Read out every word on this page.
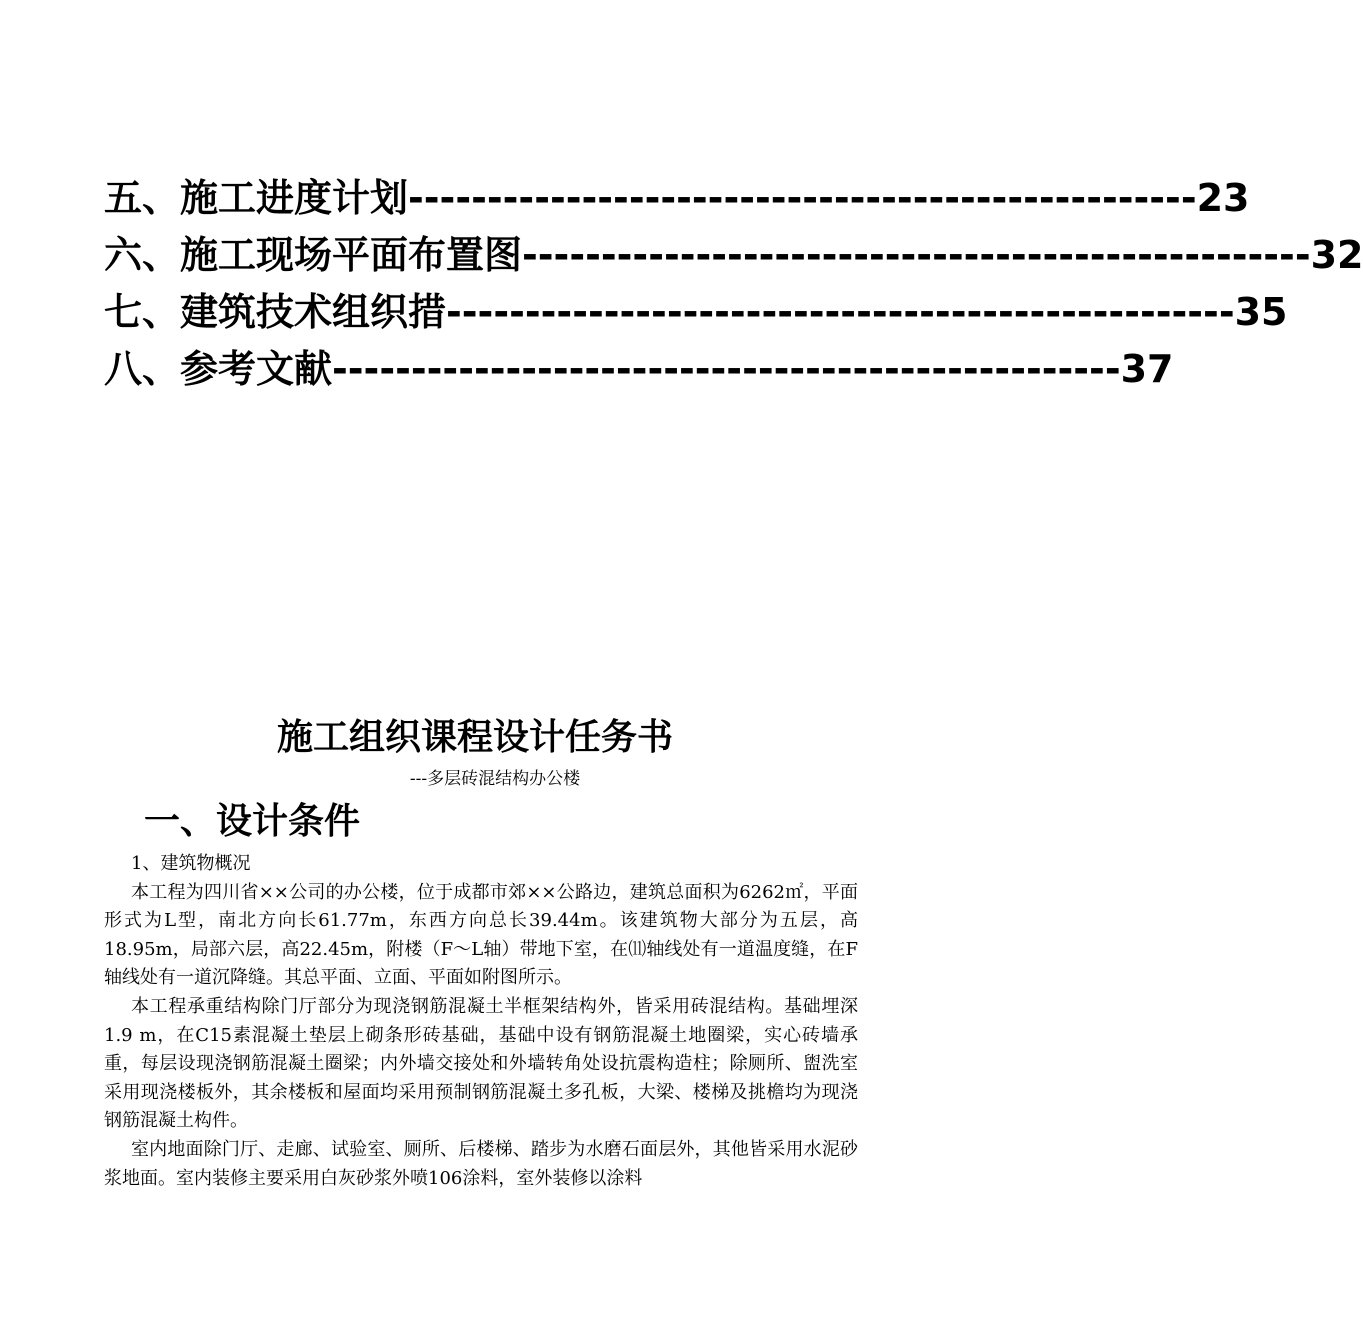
五、施工进度计划 -------------------------------------------------- 23
六、施工现场平面布置图 -------------------------------------------------- 32
七、建筑技术组织措 -------------------------------------------------- 35
八、参考文献 -------------------------------------------------- 37
施工组织课程设计任务书
---多层砖混结构办公楼
一、设计条件

1、建筑物概况

本工程为四川省××公司的办公楼，位于成都市郊××公路边，建筑总面积为6262㎡，平面形式为L型，南北方向长61.77m，东西方向总长39.44m。该建筑物大部分为五层，高18.95m，局部六层，高22.45m，附楼（F～L轴）带地下室，在⑾轴线处有一道温度缝，在F轴线处有一道沉降缝。其总平面、立面、平面如附图所示。

本工程承重结构除门厅部分为现浇钢筋混凝土半框架结构外，皆采用砖混结构。基础埋深1.9 m，在C15素混凝土垫层上砌条形砖基础，基础中设有钢筋混凝土地圈梁，实心砖墙承重，每层设现浇钢筋混凝土圈梁；内外墙交接处和外墙转角处设抗震构造柱；除厕所、盥洗室采用现浇楼板外，其余楼板和屋面均采用预制钢筋混凝土多孔板，大梁、楼梯及挑檐均为现浇钢筋混凝土构件。

室内地面除门厅、走廊、试验室、厕所、后楼梯、踏步为水磨石面层外，其他皆采用水泥砂浆地面。室内装修主要采用白灰砂浆外喷106涂料，室外装修以涂料
